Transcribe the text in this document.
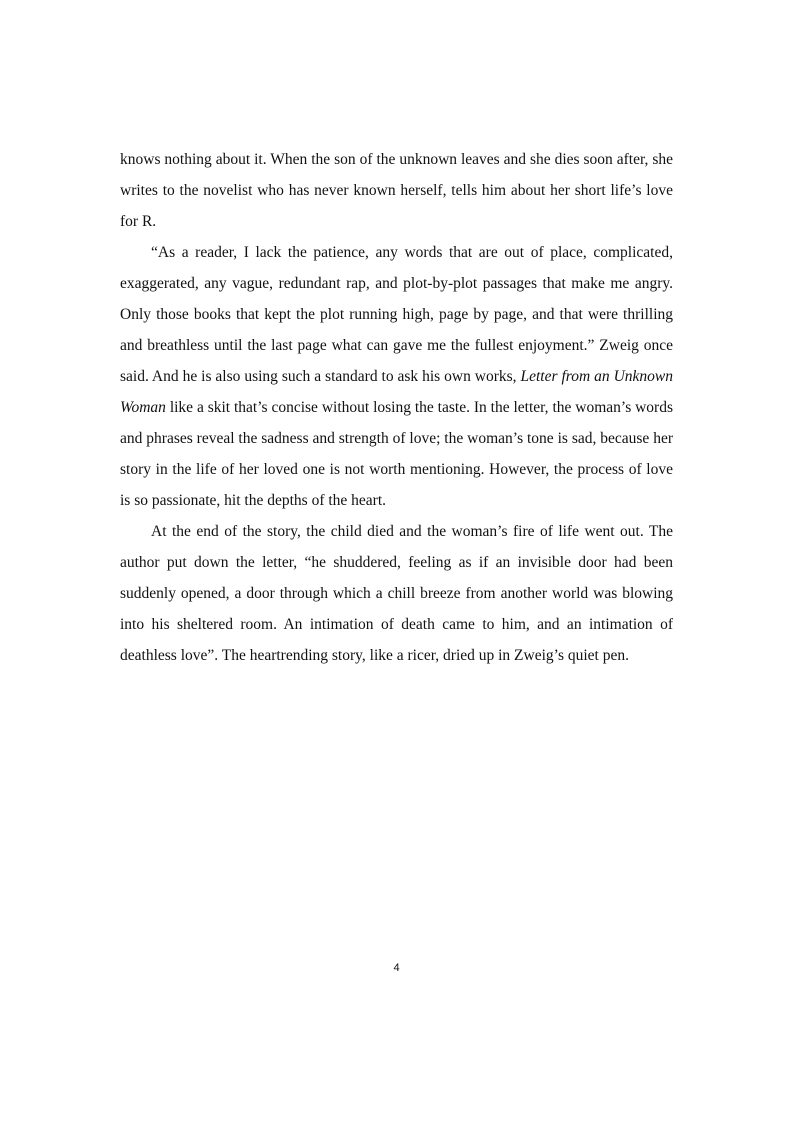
knows nothing about it. When the son of the unknown leaves and she dies soon after, she writes to the novelist who has never known herself, tells him about her short life’s love for R.

“As a reader, I lack the patience, any words that are out of place, complicated, exaggerated, any vague, redundant rap, and plot-by-plot passages that make me angry. Only those books that kept the plot running high, page by page, and that were thrilling and breathless until the last page what can gave me the fullest enjoyment.” Zweig once said. And he is also using such a standard to ask his own works, Letter from an Unknown Woman like a skit that’s concise without losing the taste. In the letter, the woman’s words and phrases reveal the sadness and strength of love; the woman’s tone is sad, because her story in the life of her loved one is not worth mentioning. However, the process of love is so passionate, hit the depths of the heart.

At the end of the story, the child died and the woman’s fire of life went out. The author put down the letter, “he shuddered, feeling as if an invisible door had been suddenly opened, a door through which a chill breeze from another world was blowing into his sheltered room. An intimation of death came to him, and an intimation of deathless love”. The heartrending story, like a ricer, dried up in Zweig’s quiet pen.

4
